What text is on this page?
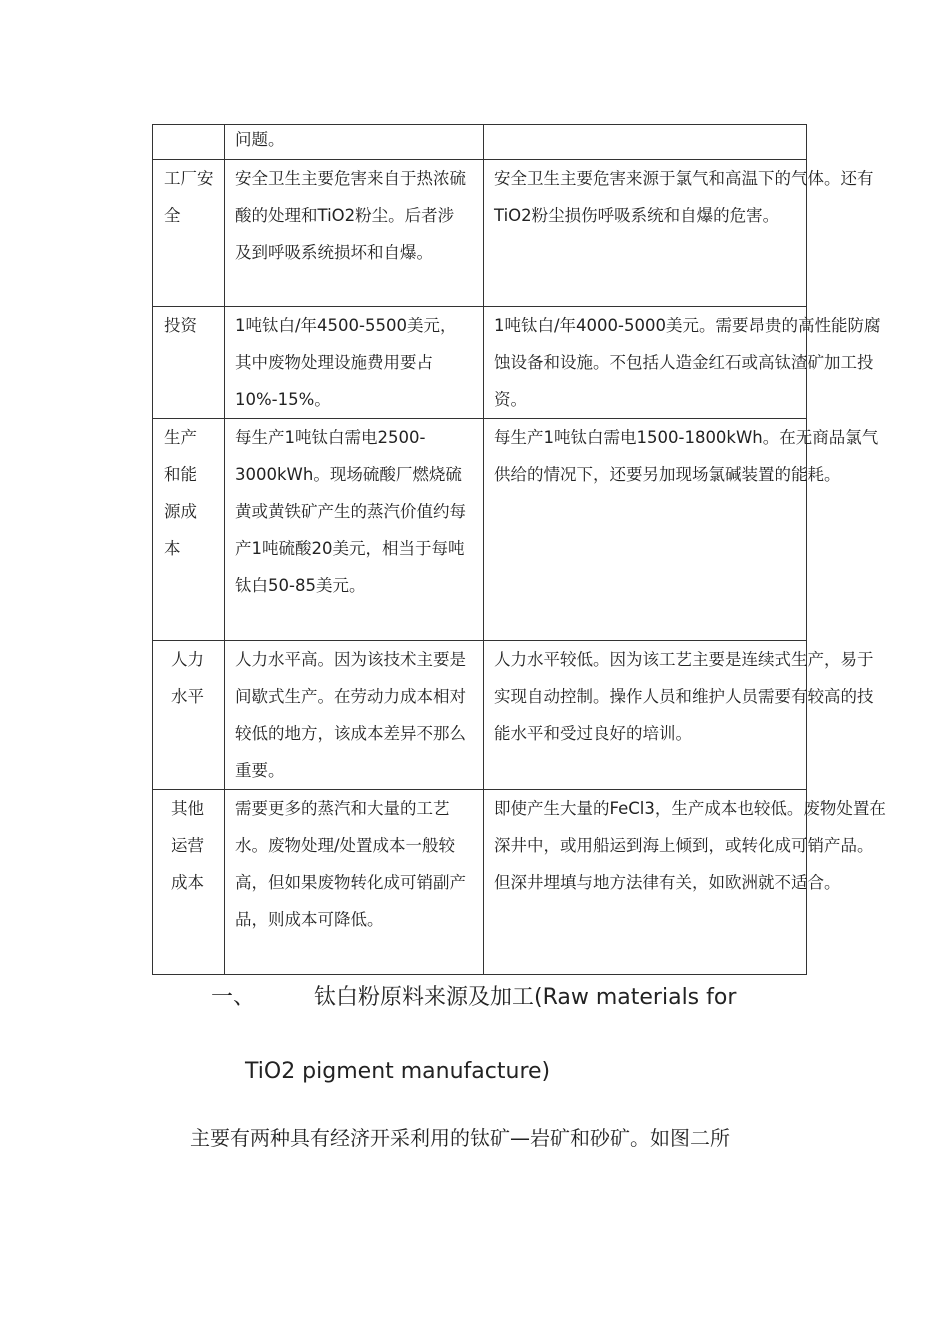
	问题。	

工厂安全	安全卫生主要危害来自于热浓硫酸的处理和TiO2粉尘。后者涉及到呼吸系统损坏和自爆。	安全卫生主要危害来源于氯气和高温下的气体。还有TiO2粉尘损伤呼吸系统和自爆的危害。

投资	1吨钛白/年4500-5500美元，其中废物处理设施费用要占10%-15%。	1吨钛白/年4000-5000美元。需要昂贵的高性能防腐蚀设备和设施。不包括人造金红石或高钛渣矿加工投资。

生产和能源成本	每生产1吨钛白需电2500-3000kWh。现场硫酸厂燃烧硫黄或黄铁矿产生的蒸汽价值约每产1吨硫酸20美元，相当于每吨钛白50-85美元。	每生产1吨钛白需电1500-1800kWh。在无商品氯气供给的情况下，还要另加现场氯碱装置的能耗。

人力水平	人力水平高。因为该技术主要是间歇式生产。在劳动力成本相对较低的地方，该成本差异不那么重要。	人力水平较低。因为该工艺主要是连续式生产，易于实现自动控制。操作人员和维护人员需要有较高的技能水平和受过良好的培训。

其他运营成本	需要更多的蒸汽和大量的工艺水。废物处理/处置成本一般较高，但如果废物转化成可销副产品，则成本可降低。	即使产生大量的FeCl3，生产成本也较低。废物处置在深井中，或用船运到海上倾到，或转化成可销产品。但深井埋填与地方法律有关，如欧洲就不适合。
一、	钛白粉原料来源及加工(Raw materials for
TiO2 pigment manufacture)
主要有两种具有经济开采利用的钛矿—岩矿和砂矿。如图二所
